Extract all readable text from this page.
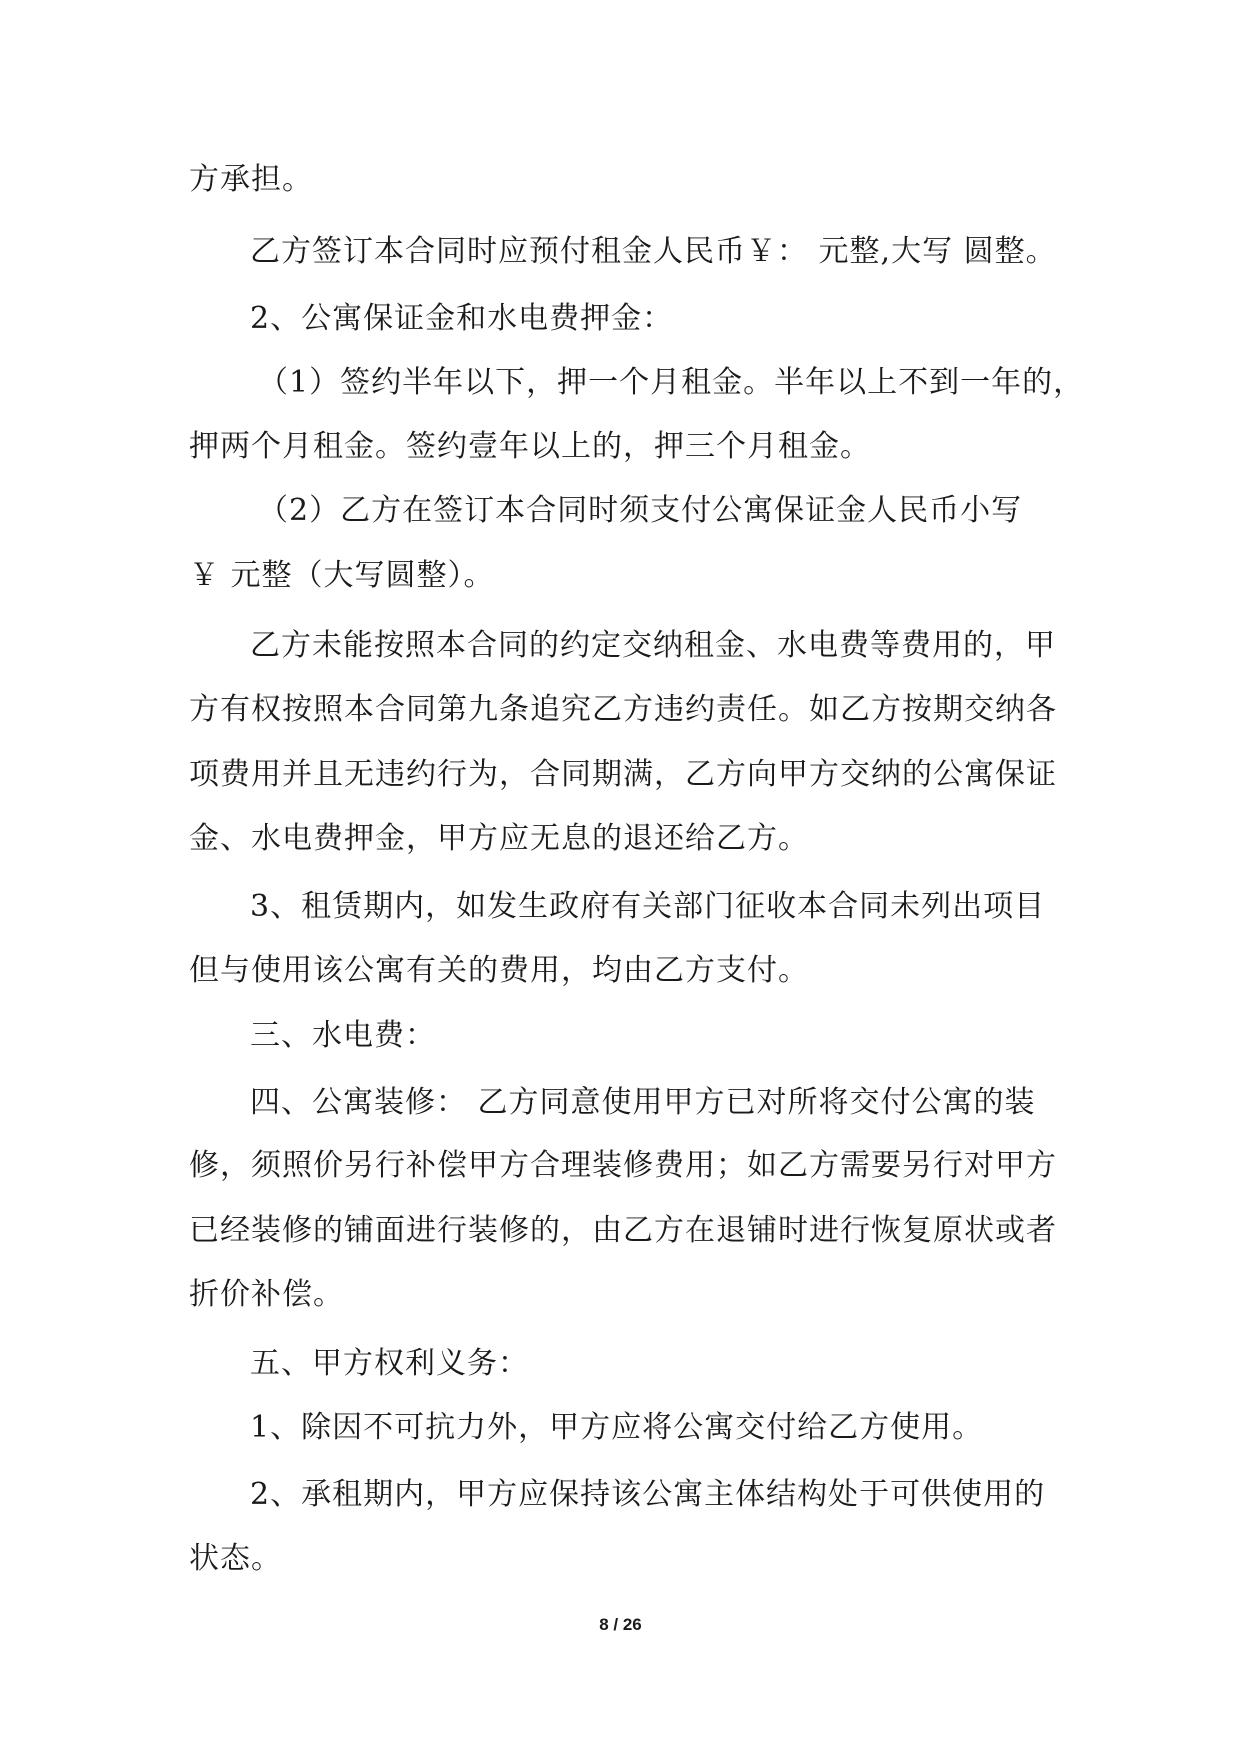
方承担。
乙方签订本合同时应预付租金人民币￥： 元整,大写 圆整。
2、公寓保证金和水电费押金：
（1）签约半年以下，押一个月租金。半年以上不到一年的，
押两个月租金。签约壹年以上的，押三个月租金。
（2）乙方在签订本合同时须支付公寓保证金人民币小写
￥ 元整（大写圆整）。
乙方未能按照本合同的约定交纳租金、水电费等费用的，甲
方有权按照本合同第九条追究乙方违约责任。如乙方按期交纳各
项费用并且无违约行为，合同期满，乙方向甲方交纳的公寓保证
金、水电费押金，甲方应无息的退还给乙方。
3、租赁期内，如发生政府有关部门征收本合同未列出项目
但与使用该公寓有关的费用，均由乙方支付。
三、水电费：
四、公寓装修： 乙方同意使用甲方已对所将交付公寓的装
修，须照价另行补偿甲方合理装修费用；如乙方需要另行对甲方
已经装修的铺面进行装修的，由乙方在退铺时进行恢复原状或者
折价补偿。
五、甲方权利义务：
1、除因不可抗力外，甲方应将公寓交付给乙方使用。
2、承租期内，甲方应保持该公寓主体结构处于可供使用的
状态。
8 / 26
